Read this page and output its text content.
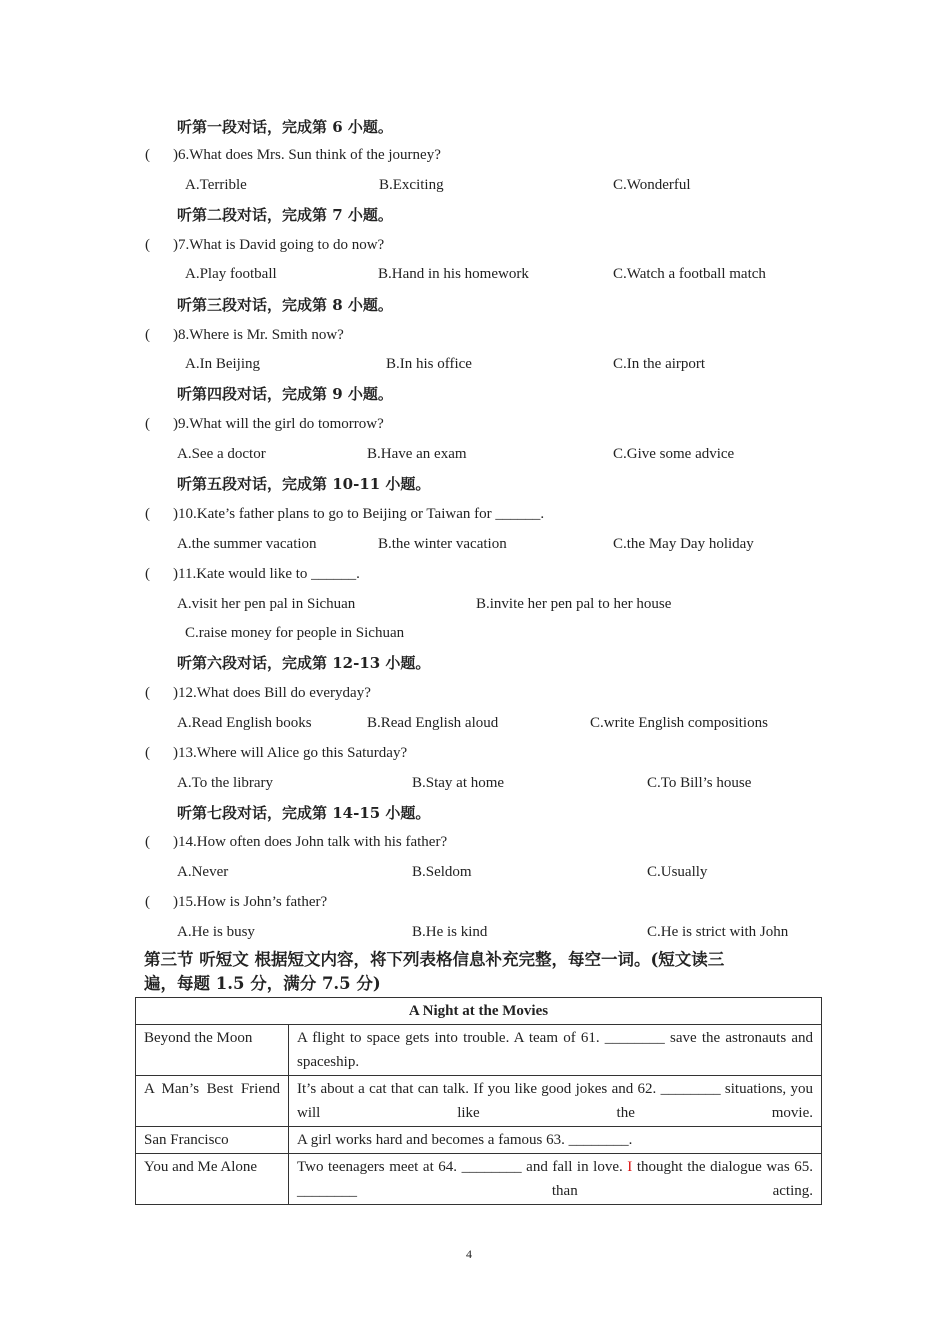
听第一段对话，完成第 6 小题。
( )6.What does Mrs. Sun think of the journey?
A.Terrible	B.Exciting	C.Wonderful
听第二段对话，完成第 7 小题。
( )7.What is David going to do now?
A.Play football	B.Hand in his homework	C.Watch a football match
听第三段对话，完成第 8 小题。
( )8.Where is Mr. Smith now?
A.In Beijing	B.In his office	C.In the airport
听第四段对话，完成第 9 小题。
( )9.What will the girl do tomorrow?
A.See a doctor	B.Have an exam	C.Give some advice
听第五段对话，完成第 10-11 小题。
( )10.Kate’s father plans to go to Beijing or Taiwan for ______.
A.the summer vacation	B.the winter vacation	C.the May Day holiday
( )11.Kate would like to ______.
A.visit her pen pal in Sichuan	B.invite her pen pal to her house
C.raise money for people in Sichuan
听第六段对话，完成第 12-13 小题。
( )12.What does Bill do everyday?
A.Read English books	B.Read English aloud	C.write English compositions
( )13.Where will Alice go this Saturday?
A.To the library	B.Stay at home	C.To Bill’s house
听第七段对话，完成第 14-15 小题。
( )14.How often does John talk with his father?
A.Never	B.Seldom	C.Usually
( )15.How is John’s father?
A.He is busy	B.He is kind	C.He is strict with John
第三节 听短文 根据短文内容，将下列表格信息补充完整，每空一词。(短文读三
遍，每题 1.5 分，满分 7.5 分)
A Night at the Movies	
Beyond the Moon	A flight to space gets into trouble. A team of 61. ________ save the astronauts and spaceship.
A Man’s Best Friend	It’s about a cat that can talk. If you like good jokes and 62. ________ situations, you will like the movie.
San Francisco	A girl works hard and becomes a famous 63. ________.
You and Me Alone	Two teenagers meet at 64. ________ and fall in love. I thought the dialogue was 65. ________ than acting.
4
